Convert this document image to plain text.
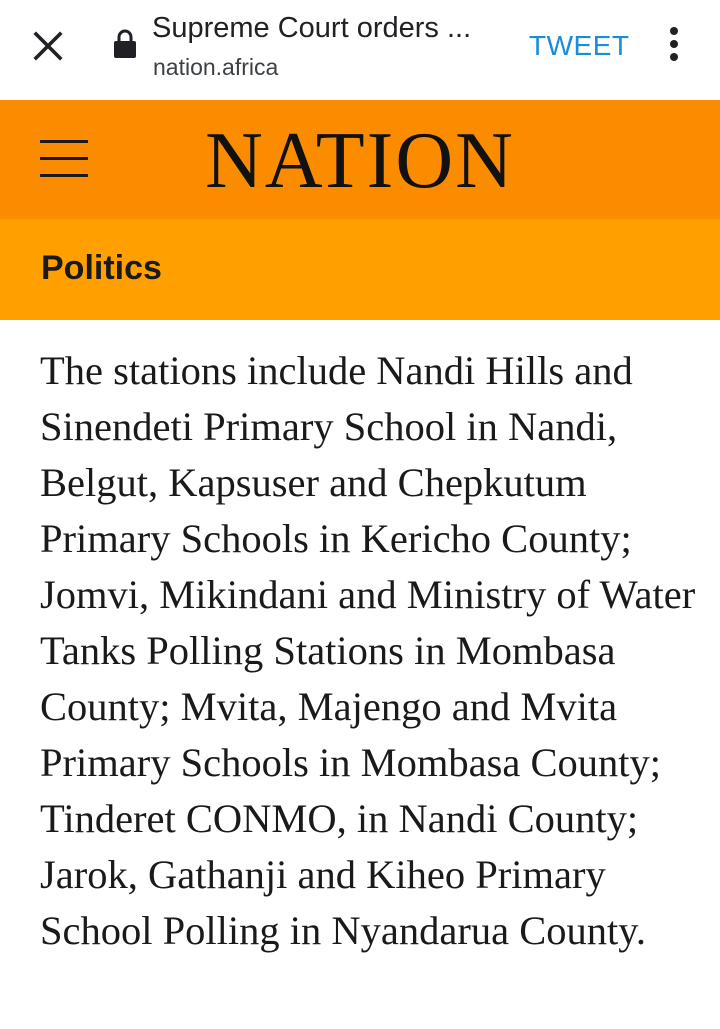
Supreme Court orders ...
nation.africa
TWEET
NATION
Politics

The stations include Nandi Hills and Sinendeti Primary School in Nandi, Belgut, Kapsuser and Chepkutum Primary Schools in Kericho County; Jomvi, Mikindani and Ministry of Water Tanks Polling Stations in Mombasa County; Mvita, Majengo and Mvita Primary Schools in Mombasa County; Tinderet CONMO, in Nandi County; Jarok, Gathanji and Kiheo Primary School Polling in Nyandarua County.
